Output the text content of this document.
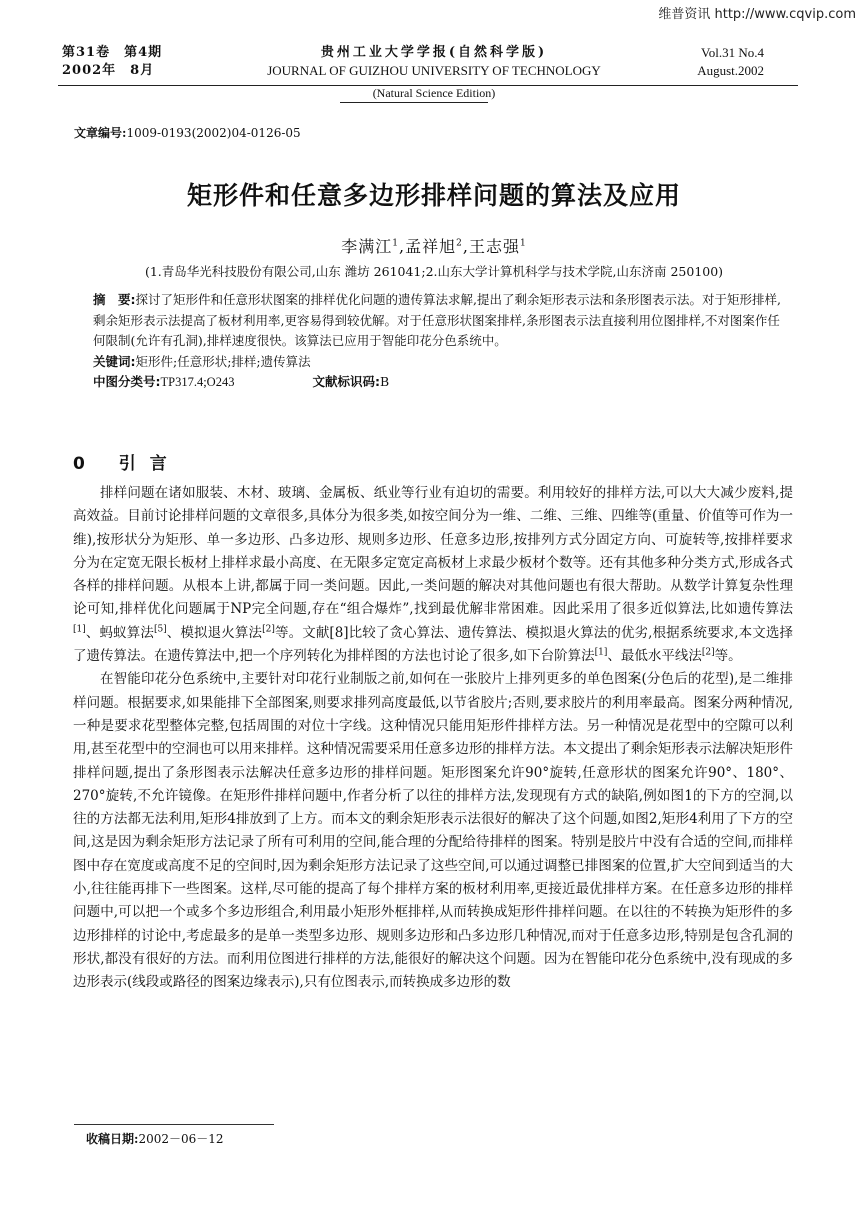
维普资讯 http://www.cqvip.com
第31卷　第4期
2002年　8月
贵州工业大学学报(自然科学版)
JOURNAL OF GUIZHOU UNIVERSITY OF TECHNOLOGY
Vol.31 No.4
August.2002
(Natural Science Edition)
文章编号:1009-0193(2002)04-0126-05
矩形件和任意多边形排样问题的算法及应用
李满江$^1$,孟祥旭$^2$,王志强$^1$
(1.青岛华光科技股份有限公司,山东 潍坊 261041;2.山东大学计算机科学与技术学院,山东济南 250100)
摘　要:探讨了矩形件和任意形状图案的排样优化问题的遗传算法求解,提出了剩余矩形表示法和条形图表示法。对于矩形排样,剩余矩形表示法提高了板材利用率,更容易得到较优解。对于任意形状图案排样,条形图表示法直接利用位图排样,不对图案作任何限制(允许有孔洞),排样速度很快。该算法已应用于智能印花分色系统中。
关键词:矩形件;任意形状;排样;遗传算法
中图分类号:TP317.4;O243	文献标识码:B
0 引言

排样问题在诸如服装、木材、玻璃、金属板、纸业等行业有迫切的需要。利用较好的排样方法,可以大大减少废料,提高效益。目前讨论排样问题的文章很多,具体分为很多类,如按空间分为一维、二维、三维、四维等(重量、价值等可作为一维),按形状分为矩形、单一多边形、凸多边形、规则多边形、任意多边形,按排列方式分固定方向、可旋转等,按排样要求分为在定宽无限长板材上排样求最小高度、在无限多定宽定高板材上求最少板材个数等。还有其他多种分类方式,形成各式各样的排样问题。从根本上讲,都属于同一类问题。因此,一类问题的解决对其他问题也有很大帮助。从数学计算复杂性理论可知,排样优化问题属于NP完全问题,存在“组合爆炸”,找到最优解非常困难。因此采用了很多近似算法,比如遗传算法[1]、蚂蚁算法[5]、模拟退火算法[2]等。文献[8]比较了贪心算法、遗传算法、模拟退火算法的优劣,根据系统要求,本文选择了遗传算法。在遗传算法中,把一个序列转化为排样图的方法也讨论了很多,如下台阶算法[1]、最低水平线法[2]等。

在智能印花分色系统中,主要针对印花行业制版之前,如何在一张胶片上排列更多的单色图案(分色后的花型),是二维排样问题。根据要求,如果能排下全部图案,则要求排列高度最低,以节省胶片;否则,要求胶片的利用率最高。图案分两种情况,一种是要求花型整体完整,包括周围的对位十字线。这种情况只能用矩形件排样方法。另一种情况是花型中的空隙可以利用,甚至花型中的空洞也可以用来排样。这种情况需要采用任意多边形的排样方法。本文提出了剩余矩形表示法解决矩形件排样问题,提出了条形图表示法解决任意多边形的排样问题。矩形图案允许90°旋转,任意形状的图案允许90°、180°、270°旋转,不允许镜像。在矩形件排样问题中,作者分析了以往的排样方法,发现现有方式的缺陷,例如图1的下方的空洞,以往的方法都无法利用,矩形4排放到了上方。而本文的剩余矩形表示法很好的解决了这个问题,如图2,矩形4利用了下方的空间,这是因为剩余矩形方法记录了所有可利用的空间,能合理的分配给待排样的图案。特别是胶片中没有合适的空间,而排样图中存在宽度或高度不足的空间时,因为剩余矩形方法记录了这些空间,可以通过调整已排图案的位置,扩大空间到适当的大小,往往能再排下一些图案。这样,尽可能的提高了每个排样方案的板材利用率,更接近最优排样方案。在任意多边形的排样问题中,可以把一个或多个多边形组合,利用最小矩形外框排样,从而转换成矩形件排样问题。在以往的不转换为矩形件的多边形排样的讨论中,考虑最多的是单一类型多边形、规则多边形和凸多边形几种情况,而对于任意多边形,特别是包含孔洞的形状,都没有很好的方法。而利用位图进行排样的方法,能很好的解决这个问题。因为在智能印花分色系统中,没有现成的多边形表示(线段或路径的图案边缘表示),只有位图表示,而转换成多边形的数

收稿日期:2002－06－12
